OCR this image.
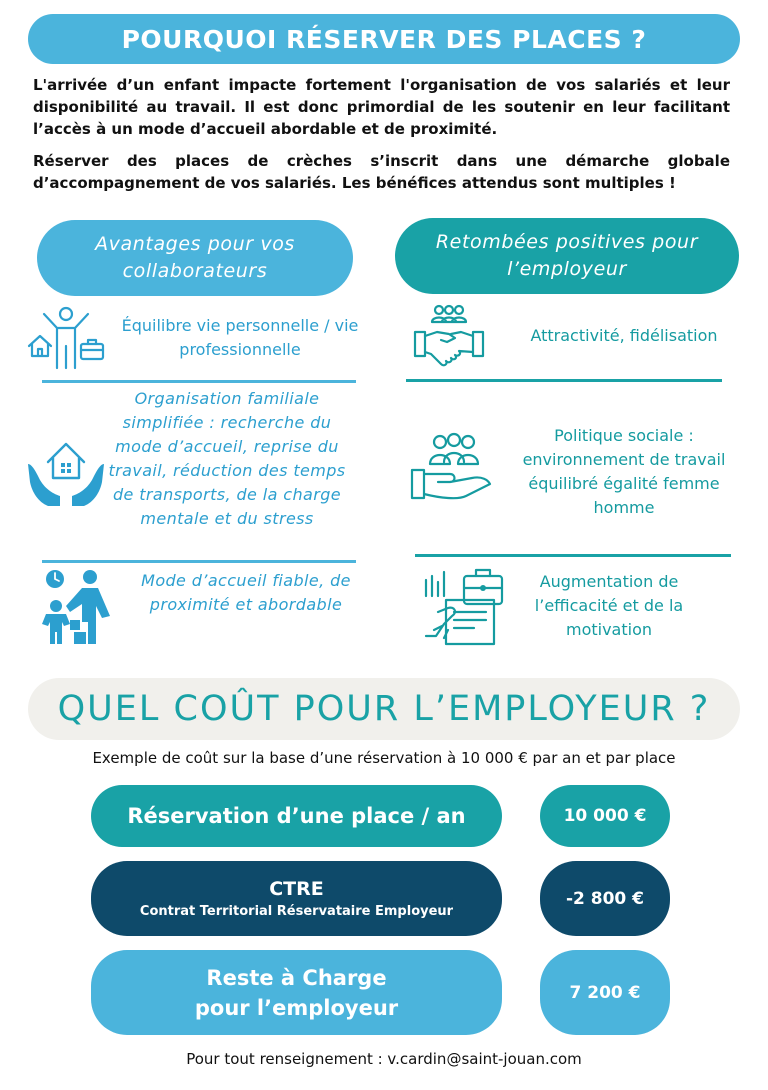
POURQUOI RÉSERVER DES PLACES ?

L'arrivée d’un enfant impacte fortement l'organisation de vos salariés et leur disponibilité au travail. Il est donc primordial de les soutenir en leur facilitant l’accès à un mode d’accueil abordable et de proximité.

Réserver des places de crèches s’inscrit dans une démarche globale d’accompagnement de vos salariés. Les bénéfices attendus sont multiples !

Avantages pour vos collaborateurs
Retombées positives pour l’employeur

Équilibre vie personnelle / vie professionnelle

Organisation familiale simplifiée : recherche du mode d’accueil, reprise du travail, réduction des temps de transports, de la charge mentale et du stress

Mode d’accueil fiable, de proximité et abordable

Attractivité, fidélisation

Politique sociale : environnement de travail équilibré égalité femme homme

Augmentation de l’efficacité et de la motivation

QUEL COÛT POUR L’EMPLOYEUR ?

Exemple de coût sur la base d’une réservation à 10 000 € par an et par place

Réservation d’une place / an	10 000 €
CTRE
Contrat Territorial Réservataire Employeur
-2 800 €
Reste à Charge
pour l’employeur
7 200 €

Pour tout renseignement : v.cardin@saint-jouan.com
